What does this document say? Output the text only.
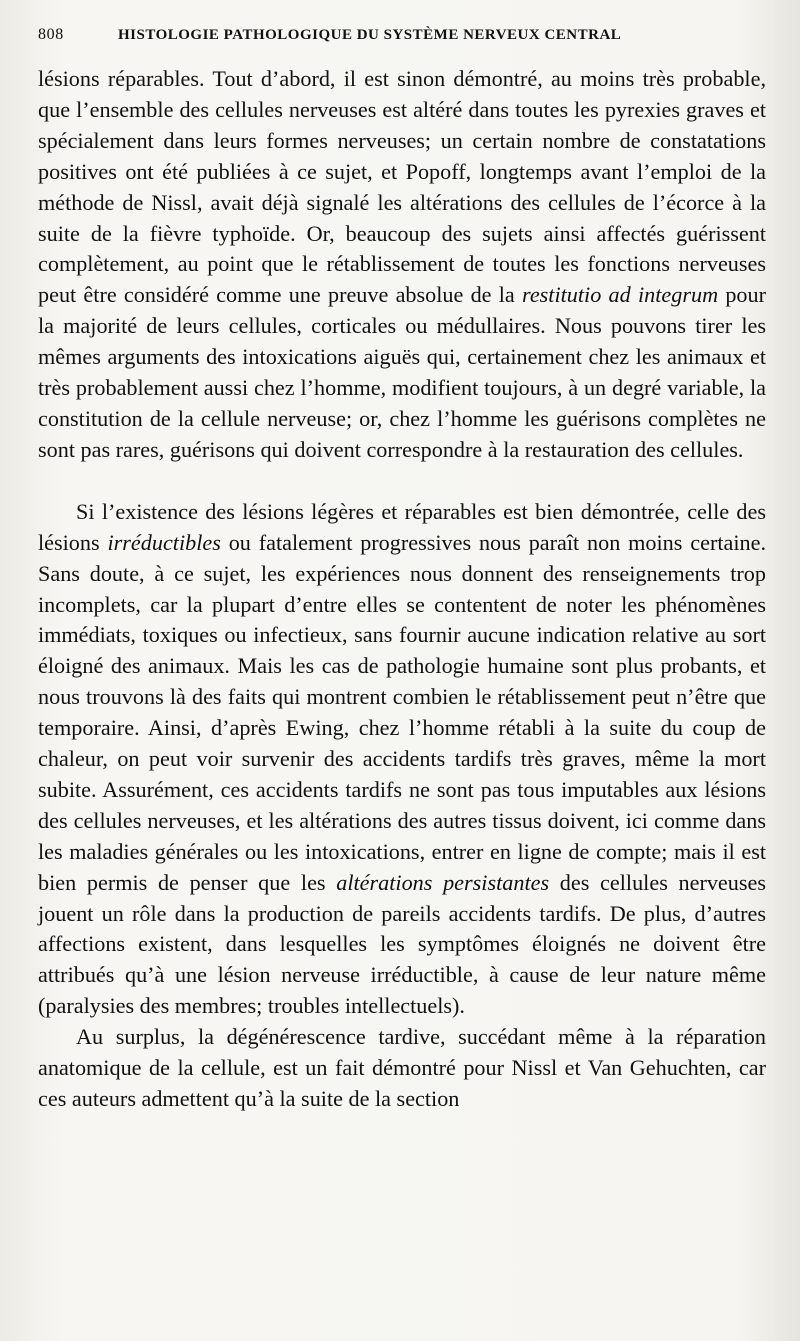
808	HISTOLOGIE PATHOLOGIQUE DU SYSTÈME NERVEUX CENTRAL

lésions réparables. Tout d’abord, il est sinon démontré, au moins très probable, que l’ensemble des cellules nerveuses est altéré dans toutes les pyrexies graves et spécialement dans leurs formes nerveuses; un certain nombre de constatations positives ont été publiées à ce sujet, et Popoff, longtemps avant l’emploi de la méthode de Nissl, avait déjà signalé les altérations des cellules de l’écorce à la suite de la fièvre typhoïde. Or, beaucoup des sujets ainsi affectés guérissent complètement, au point que le rétablissement de toutes les fonctions nerveuses peut être considéré comme une preuve absolue de la restitutio ad integrum pour la majorité de leurs cellules, corticales ou médullaires. Nous pouvons tirer les mêmes arguments des intoxications aiguës qui, certainement chez les animaux et très probablement aussi chez l’homme, modifient toujours, à un degré variable, la constitution de la cellule nerveuse; or, chez l’homme les guérisons complètes ne sont pas rares, guérisons qui doivent correspondre à la restauration des cellules.

Si l’existence des lésions légères et réparables est bien démontrée, celle des lésions irréductibles ou fatalement progressives nous paraît non moins certaine. Sans doute, à ce sujet, les expériences nous donnent des renseignements trop incomplets, car la plupart d’entre elles se contentent de noter les phénomènes immédiats, toxiques ou infectieux, sans fournir aucune indication relative au sort éloigné des animaux. Mais les cas de pathologie humaine sont plus probants, et nous trouvons là des faits qui montrent combien le rétablissement peut n’être que temporaire. Ainsi, d’après Ewing, chez l’homme rétabli à la suite du coup de chaleur, on peut voir survenir des accidents tardifs très graves, même la mort subite. Assurément, ces accidents tardifs ne sont pas tous imputables aux lésions des cellules nerveuses, et les altérations des autres tissus doivent, ici comme dans les maladies générales ou les intoxications, entrer en ligne de compte; mais il est bien permis de penser que les altérations persistantes des cellules nerveuses jouent un rôle dans la production de pareils accidents tardifs. De plus, d’autres affections existent, dans lesquelles les symptômes éloignés ne doivent être attribués qu’à une lésion nerveuse irréductible, à cause de leur nature même (paralysies des membres; troubles intellectuels).

Au surplus, la dégénérescence tardive, succédant même à la réparation anatomique de la cellule, est un fait démontré pour Nissl et Van Gehuchten, car ces auteurs admettent qu’à la suite de la section
